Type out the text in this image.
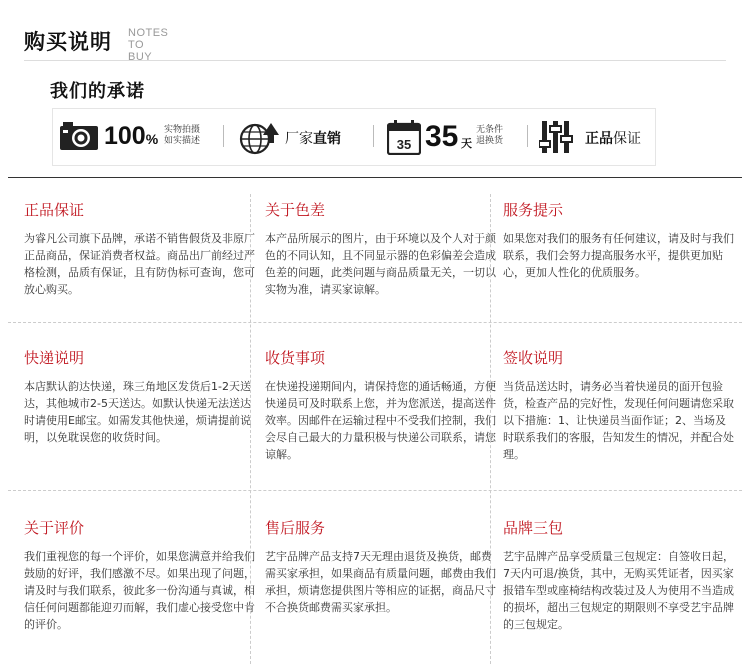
购买说明 NOTES TO
BUY
我们的承诺
100%
实物拍摄
如实描述	厂家直销	35 35 天
无条件
退换货	正品保证
正品保证

为睿凡公司旗下品牌，承诺不销售假货及非原厂正品商品，保证消费者权益。商品出厂前经过严格检测，品质有保证，且有防伪标可查询，您可放心购买。

关于色差

本产品所展示的图片，由于环境以及个人对于颜色的不同认知，且不同显示器的色彩偏差会造成色差的问题，此类问题与商品质量无关，一切以实物为准，请买家谅解。

服务提示

如果您对我们的服务有任何建议，请及时与我们联系，我们会努力提高服务水平，提供更加贴心，更加人性化的优质服务。

快递说明

本店默认韵达快递，珠三角地区发货后1-2天送达，其他城市2-5天送达。如默认快递无法送达时请使用E邮宝。如需发其他快递，烦请提前说明，以免耽误您的收货时间。

收货事项

在快递投递期间内，请保持您的通话畅通，方便快递员可及时联系上您，并为您派送，提高送件效率。因邮件在运输过程中不受我们控制，我们会尽自己最大的力量积极与快递公司联系，请您谅解。

签收说明

当货品送达时，请务必当着快递员的面开包验货，检查产品的完好性，发现任何问题请您采取以下措施：1、让快递员当面作证；2、当场及时联系我们的客服，告知发生的情况，并配合处理。

关于评价

我们重视您的每一个评价，如果您满意并给我们鼓励的好评，我们感激不尽。如果出现了问题，请及时与我们联系，彼此多一份沟通与真诚，相信任何问题都能迎刃而解，我们虚心接受您中肯的评价。

售后服务

艺宇品牌产品支持7天无理由退货及换货，邮费需买家承担，如果商品有质量问题，邮费由我们承担，烦请您提供图片等相应的证据，商品尺寸不合换货邮费需买家承担。

品牌三包

艺宇品牌产品享受质量三包规定：自签收日起，7天内可退/换货，其中，无购买凭证者，因买家报错车型或座椅结构改装过及人为使用不当造成的损坏，超出三包规定的期限则不享受艺宇品牌的三包规定。
